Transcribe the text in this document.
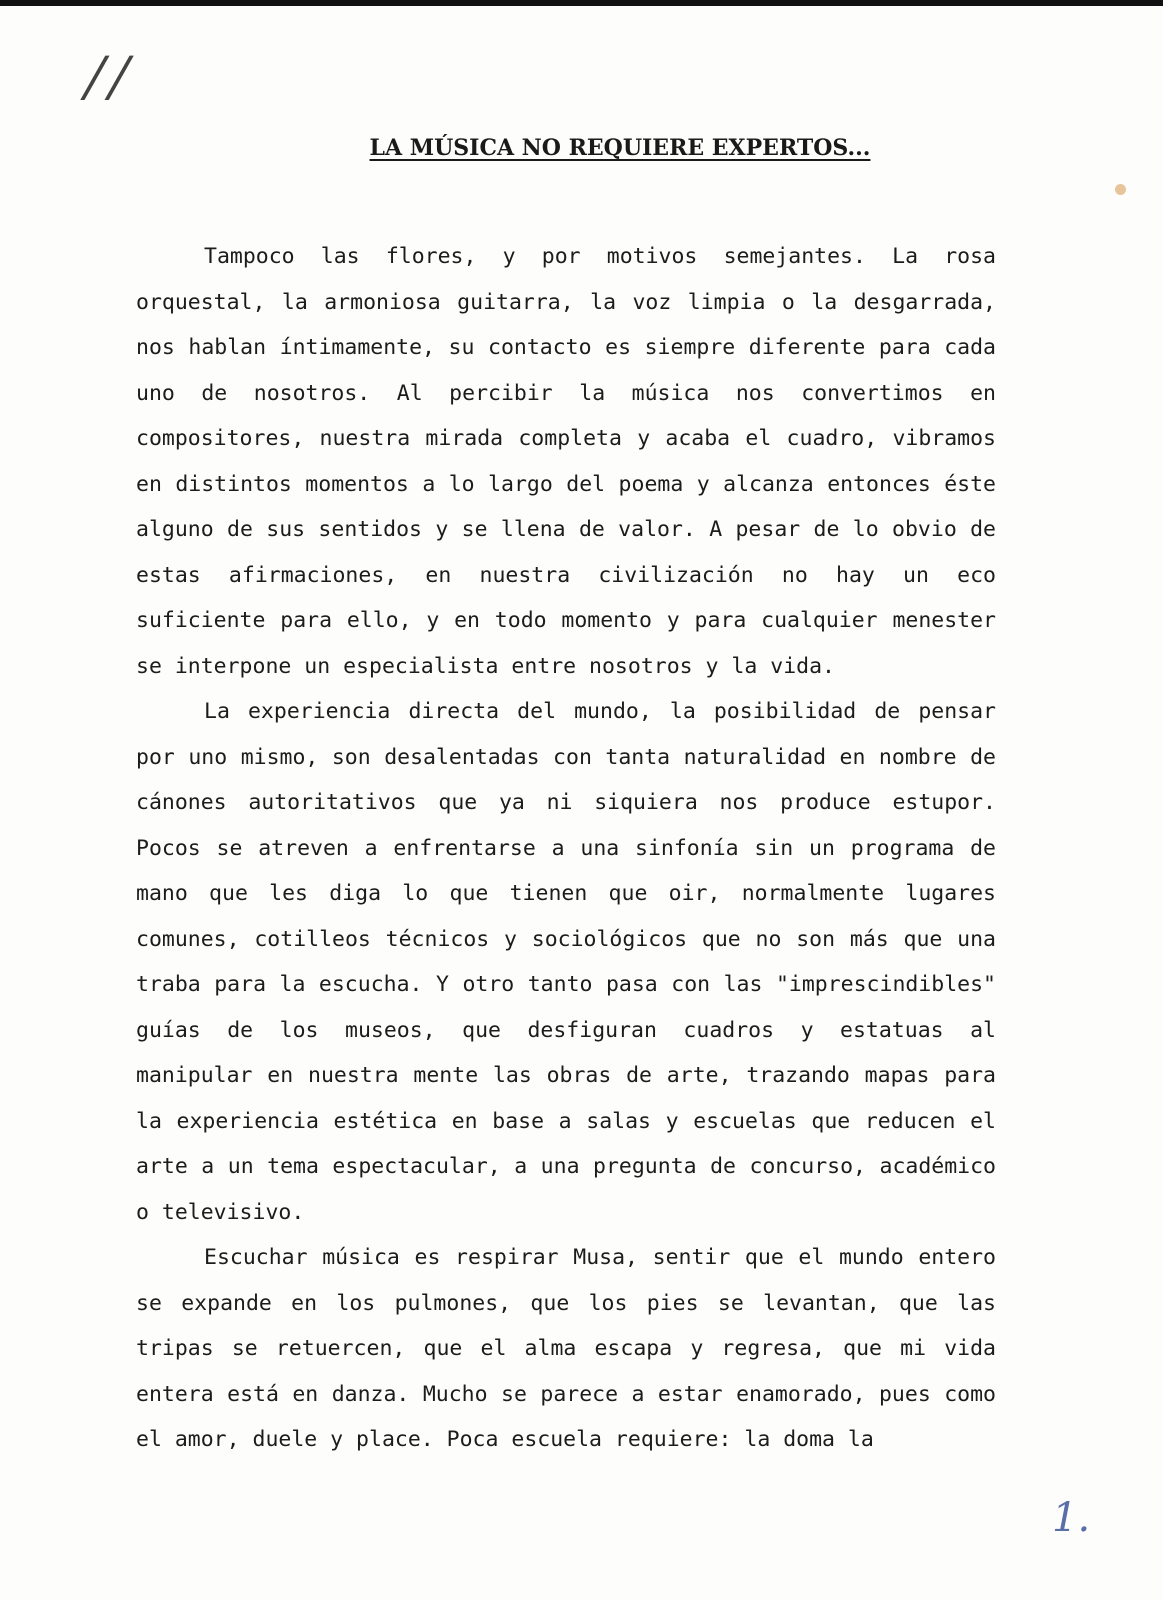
//
LA MÚSICA NO REQUIERE EXPERTOS...

Tampoco las flores, y por motivos semejantes. La rosa orquestal, la armoniosa guitarra, la voz limpia o la desgarrada, nos hablan íntimamente, su contacto es siempre diferente para cada uno de nosotros. Al percibir la música nos convertimos en compositores, nuestra mirada completa y acaba el cuadro, vibramos en distintos momentos a lo largo del poema y alcanza entonces éste alguno de sus sentidos y se llena de valor. A pesar de lo obvio de estas afirmaciones, en nuestra civilización no hay un eco suficiente para ello, y en todo momento y para cualquier menester se interpone un especialista entre nosotros y la vida.

La experiencia directa del mundo, la posibilidad de pensar por uno mismo, son desalentadas con tanta naturalidad en nombre de cánones autoritativos que ya ni siquiera nos produce estupor. Pocos se atreven a enfrentarse a una sinfonía sin un programa de mano que les diga lo que tienen que oir, normalmente lugares comunes, cotilleos técnicos y sociológicos que no son más que una traba para la escucha. Y otro tanto pasa con las "imprescindibles" guías de los museos, que desfiguran cuadros y estatuas al manipular en nuestra mente las obras de arte, trazando mapas para la experiencia estética en base a salas y escuelas que reducen el arte a un tema espectacular, a una pregunta de concurso, académico o televisivo.

Escuchar música es respirar Musa, sentir que el mundo entero se expande en los pulmones, que los pies se levantan, que las tripas se retuercen, que el alma escapa y regresa, que mi vida entera está en danza. Mucho se parece a estar enamorado, pues como el amor, duele y place. Poca escuela requiere: la doma la

1.
